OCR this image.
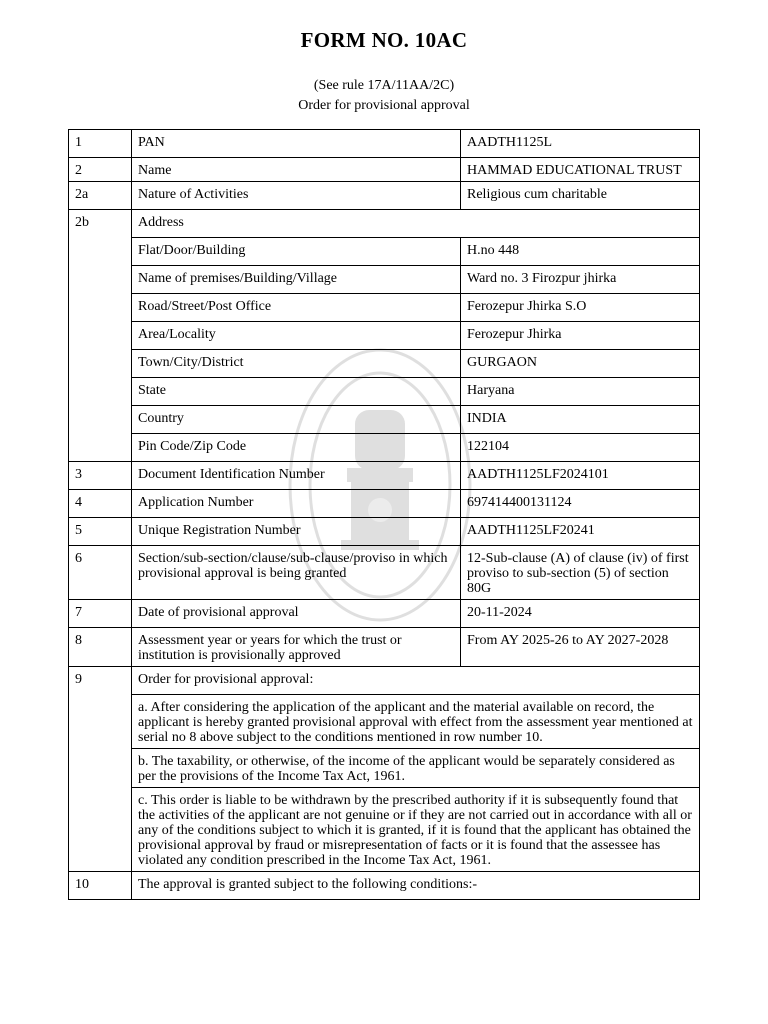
FORM NO. 10AC
(See rule 17A/11AA/2C)
Order for provisional approval
1	PAN	AADTH1125L
2	Name	HAMMAD EDUCATIONAL TRUST
2a	Nature of Activities	Religious cum charitable
2b	Address	
	Flat/Door/Building	H.no 448
	Name of premises/Building/Village	Ward no. 3 Firozpur jhirka
	Road/Street/Post Office	Ferozepur Jhirka S.O
	Area/Locality	Ferozepur Jhirka
	Town/City/District	GURGAON
	State	Haryana
	Country	INDIA
	Pin Code/Zip Code	122104
3	Document Identification Number	AADTH1125LF2024101
4	Application Number	697414400131124
5	Unique Registration Number	AADTH1125LF20241
6	Section/sub-section/clause/sub-clause/proviso in which provisional approval is being granted	12-Sub-clause (A) of clause (iv) of first proviso to sub-section (5) of section 80G
7	Date of provisional approval	20-11-2024
8	Assessment year or years for which the trust or institution is provisionally approved	From AY 2025-26 to AY 2027-2028
9	Order for provisional approval:	
	a. After considering the application of the applicant and the material available on record, the applicant is hereby granted provisional approval with effect from the assessment year mentioned at serial no 8 above subject to the conditions mentioned in row number 10.	
	b. The taxability, or otherwise, of the income of the applicant would be separately considered as per the provisions of the Income Tax Act, 1961.	
	c. This order is liable to be withdrawn by the prescribed authority if it is subsequently found that the activities of the applicant are not genuine or if they are not carried out in accordance with all or any of the conditions subject to which it is granted, if it is found that the applicant has obtained the provisional approval by fraud or misrepresentation of facts or it is found that the assessee has violated any condition prescribed in the Income Tax Act, 1961.	
10	The approval is granted subject to the following conditions:-	
